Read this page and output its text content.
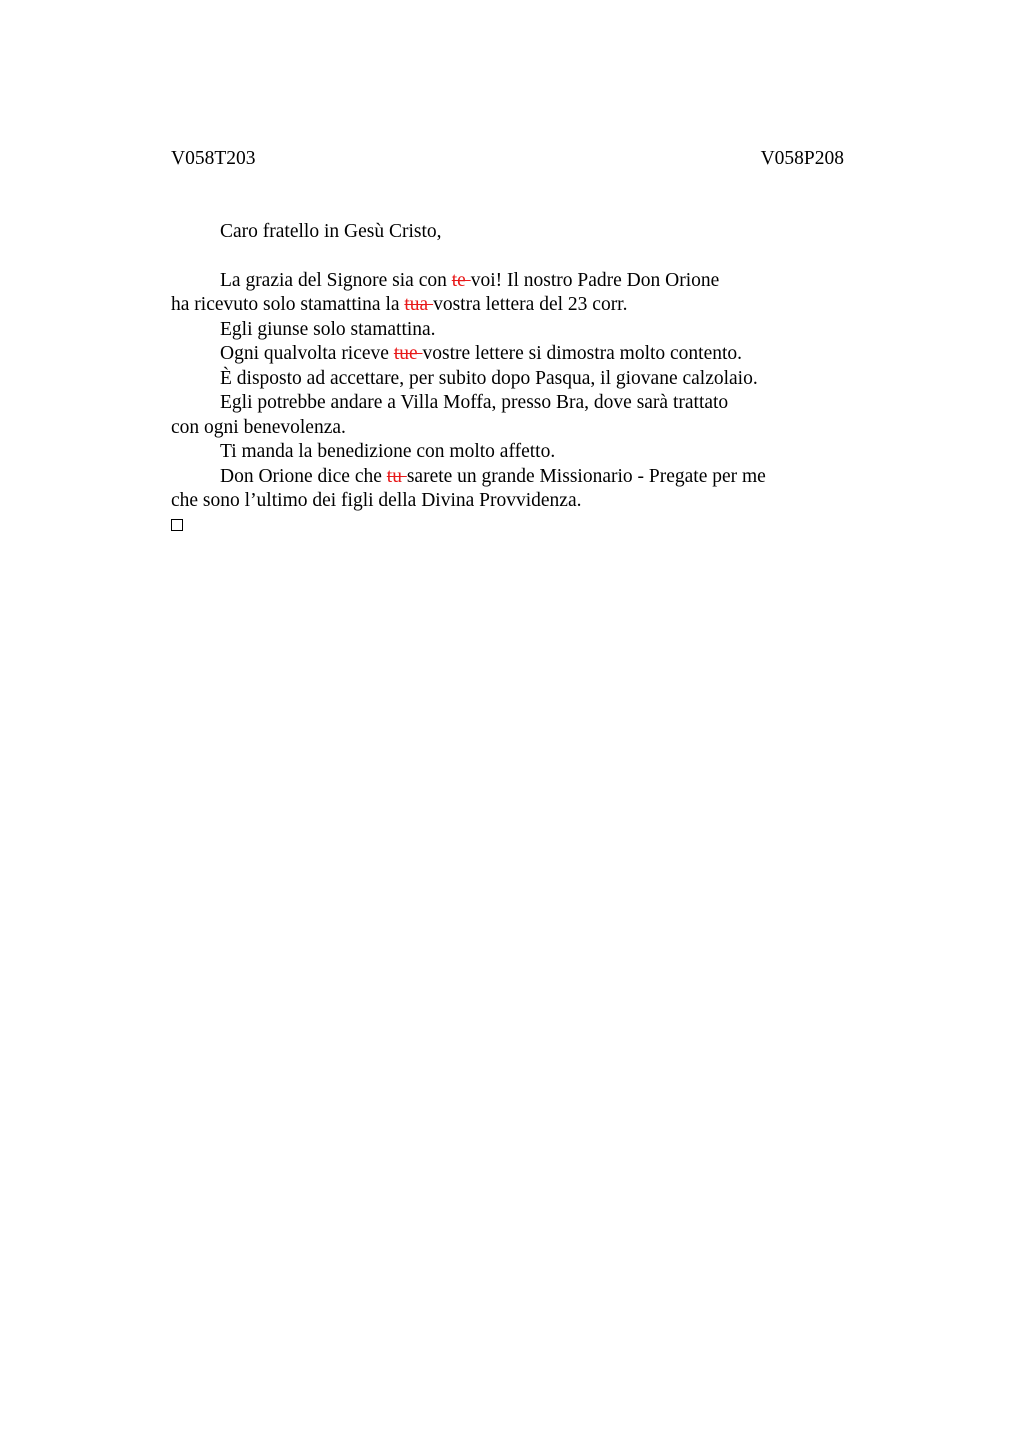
V058T203	V058P208
Caro fratello in Gesù Cristo,
La grazia del Signore sia con te voi! Il nostro Padre Don Orione
ha ricevuto solo stamattina la tua vostra lettera del 23 corr.
Egli giunse solo stamattina.
Ogni qualvolta riceve tue vostre lettere si dimostra molto contento.
È disposto ad accettare, per subito dopo Pasqua, il giovane calzolaio.
Egli potrebbe andare a Villa Moffa, presso Bra, dove sarà trattato
con ogni benevolenza.
Ti manda la benedizione con molto affetto.
Don Orione dice che tu sarete un grande Missionario - Pregate per me
che sono l’ultimo dei figli della Divina Provvidenza.
